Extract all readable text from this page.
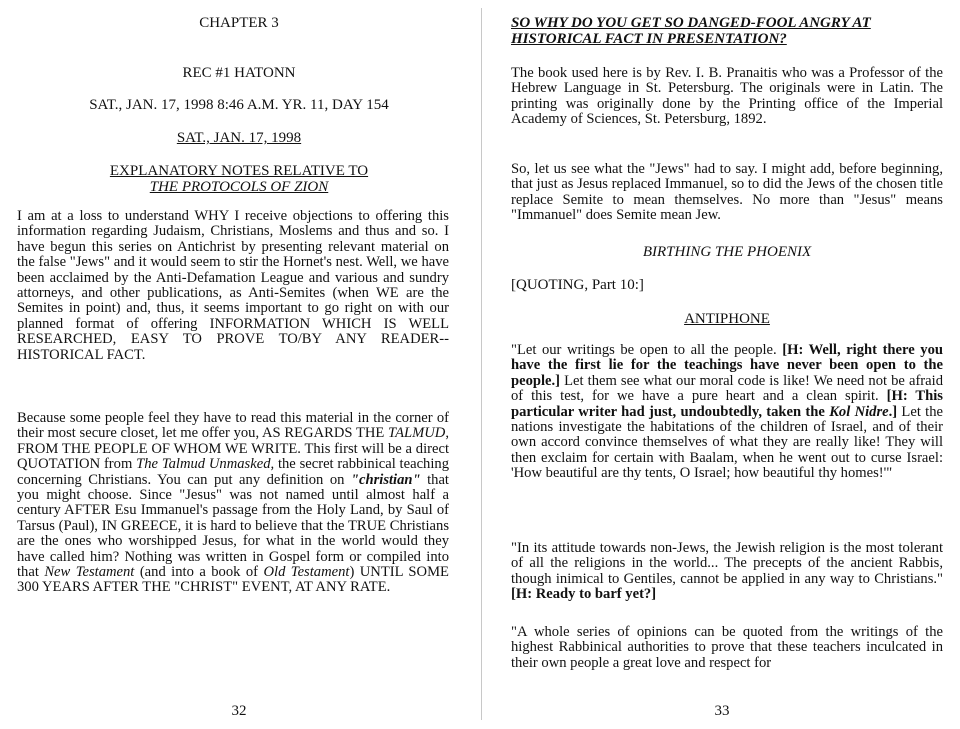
CHAPTER 3

REC #1 HATONN

SAT., JAN. 17, 1998 8:46 A.M. YR. 11, DAY 154

SAT., JAN. 17, 1998

EXPLANATORY NOTES RELATIVE TO

THE PROTOCOLS OF ZION

I am at a loss to understand WHY I receive objections to offering this information regarding Judaism, Christians, Moslems and thus and so. I have begun this series on Antichrist by presenting relevant material on the false "Jews" and it would seem to stir the Hornet's nest. Well, we have been acclaimed by the Anti-Defamation League and various and sundry attorneys, and other publications, as Anti-Semites (when WE are the Semites in point) and, thus, it seems important to go right on with our planned format of offering INFORMATION WHICH IS WELL RESEARCHED, EASY TO PROVE TO/BY ANY READER--HISTORICAL FACT.

Because some people feel they have to read this material in the corner of their most secure closet, let me offer you, AS REGARDS THE TALMUD, FROM THE PEOPLE OF WHOM WE WRITE. This first will be a direct QUOTATION from The Talmud Unmasked, the secret rabbinical teaching concerning Christians. You can put any definition on "christian" that you might choose. Since "Jesus" was not named until almost half a century AFTER Esu Immanuel's passage from the Holy Land, by Saul of Tarsus (Paul), IN GREECE, it is hard to believe that the TRUE Christians are the ones who worshipped Jesus, for what in the world would they have called him? Nothing was written in Gospel form or compiled into that New Testament (and into a book of Old Testament) UNTIL SOME 300 YEARS AFTER THE "CHRIST" EVENT, AT ANY RATE.

32

SO WHY DO YOU GET SO DANGED-FOOL ANGRY AT

HISTORICAL FACT IN PRESENTATION?

The book used here is by Rev. I. B. Pranaitis who was a Professor of the Hebrew Language in St. Petersburg. The originals were in Latin. The printing was originally done by the Printing office of the Imperial Academy of Sciences, St. Petersburg, 1892.

So, let us see what the "Jews" had to say. I might add, before beginning, that just as Jesus replaced Immanuel, so to did the Jews of the chosen title replace Semite to mean themselves. No more than "Jesus" means "Immanuel" does Semite mean Jew.

BIRTHING THE PHOENIX

[QUOTING, Part 10:]

ANTIPHONE

"Let our writings be open to all the people. [H: Well, right there you have the first lie for the teachings have never been open to the people.] Let them see what our moral code is like! We need not be afraid of this test, for we have a pure heart and a clean spirit. [H: This particular writer had just, undoubtedly, taken the Kol Nidre.] Let the nations investigate the habitations of the children of Israel, and of their own accord convince themselves of what they are really like! They will then exclaim for certain with Baalam, when he went out to curse Israel: 'How beautiful are thy tents, O Israel; how beautiful thy homes!'"

"In its attitude towards non-Jews, the Jewish religion is the most tolerant of all the religions in the world... The precepts of the ancient Rabbis, though inimical to Gentiles, cannot be applied in any way to Christians." [H: Ready to barf yet?]

"A whole series of opinions can be quoted from the writings of the highest Rabbinical authorities to prove that these teachers inculcated in their own people a great love and respect for

33
